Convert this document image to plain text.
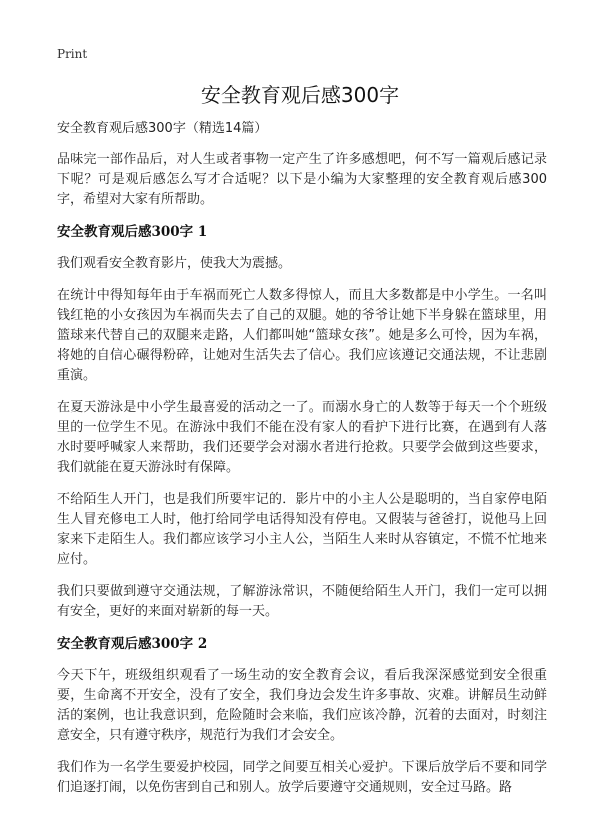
Print
安全教育观后感300字
安全教育观后感300字（精选14篇）

品味完一部作品后，对人生或者事物一定产生了许多感想吧，何不写一篇观后感记录下呢？可是观后感怎么写才合适呢？以下是小编为大家整理的安全教育观后感300字，希望对大家有所帮助。

安全教育观后感300字 1

我们观看安全教育影片，使我大为震撼。

在统计中得知每年由于车祸而死亡人数多得惊人，而且大多数都是中小学生。一名叫钱红艳的小女孩因为车祸而失去了自己的双腿。她的爷爷让她下半身躲在篮球里，用篮球来代替自己的双腿来走路，人们都叫她“篮球女孩”。她是多么可怜，因为车祸，将她的自信心碾得粉碎，让她对生活失去了信心。我们应该遵记交通法规，不让悲剧重演。

在夏天游泳是中小学生最喜爱的活动之一了。而溺水身亡的人数等于每天一个个班级里的一位学生不见。在游泳中我们不能在没有家人的看护下进行比赛，在遇到有人落水时要呼喊家人来帮助，我们还要学会对溺水者进行抢救。只要学会做到这些要求，我们就能在夏天游泳时有保障。

不给陌生人开门，也是我们所要牢记的．影片中的小主人公是聪明的，当自家停电陌生人冒充修电工人时，他打给同学电话得知没有停电。又假装与爸爸打，说他马上回家来下走陌生人。我们都应该学习小主人公，当陌生人来时从容镇定，不慌不忙地来应付。

我们只要做到遵守交通法规，了解游泳常识，不随便给陌生人开门，我们一定可以拥有安全，更好的来面对崭新的每一天。

安全教育观后感300字 2

今天下午，班级组织观看了一场生动的安全教育会议，看后我深深感觉到安全很重要，生命离不开安全，没有了安全，我们身边会发生许多事故、灾难。讲解员生动鲜活的案例，也让我意识到，危险随时会来临，我们应该冷静，沉着的去面对，时刻注意安全，只有遵守秩序，规范行为我们才会安全。

我们作为一名学生要爱护校园，同学之间要互相关心爱护。下课后放学后不要和同学们追逐打闹，以免伤害到自己和别人。放学后要遵守交通规则，安全过马路。路
